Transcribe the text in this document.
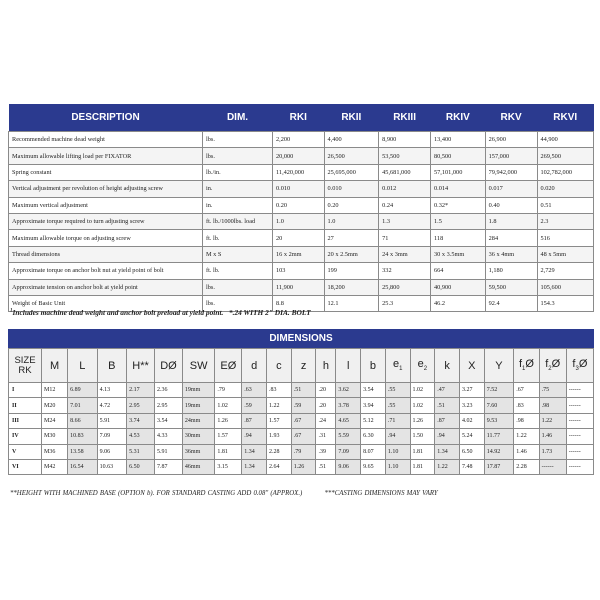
DESCRIPTION	DIM.	RKI	RKII	RKIII	RKIV	RKV	RKVI
Recommended machine dead weight	lbs.	2,200	4,400	8,900	13,400	26,900	44,900
Maximum allowable lifting load per FIXATOR	lbs.	20,000	26,500	53,500	80,500	157,000	269,500
Spring constant	lb./in.	11,420,000	25,695,000	45,681,000	57,101,000	79,942,000	102,782,000
Vertical adjustment per revolution of height adjusting screw	in.	0.010	0.010	0.012	0.014	0.017	0.020
Maximum vertical adjustment	in.	0.20	0.20	0.24	0.32*	0.40	0.51
Approximate torque required to turn adjusting screw	ft. lb./1000lbs. load	1.0	1.0	1.3	1.5	1.8	2.3
Maximum allowable torque on adjusting screw	ft. lb.	20	27	71	118	284	516
Thread dimensions	M x S	16 x 2mm	20 x 2.5mm	24 x 3mm	30 x 3.5mm	36 x 4mm	48 x 5mm
Approximate torque on anchor bolt nut at yield point of bolt	ft. lb.	103	199	332	664	1,180	2,729
Approximate tension on anchor bolt at yield point	lbs.	11,900	18,200	25,800	40,900	59,500	105,600
Weight of Basic Unit	lbs.	8.8	12.1	25.3	46.2	92.4	154.3
$^1$Includes machine dead weight and anchor bolt preload at yield point. *.24 WITH 2" DIA. BOLT
DIMENSIONS
SIZE
RK	M	L	B	H**	DØ	SW	EØ	d	c	z	h	l	b	$e_1$	$e_2$	k	X	Y	$f_1Ø$	$f_2Ø$	$f_3Ø$
I	M12	6.89	4.13	2.17	2.36	19mm	.79	.63	.83	.51	.20	3.62	3.54	.55	1.02	.47	3.27	7.52	.67	.75	------
II	M20	7.01	4.72	2.95	2.95	19mm	1.02	.59	1.22	.59	.20	3.78	3.94	.55	1.02	.51	3.23	7.60	.83	.98	------
III	M24	8.66	5.91	3.74	3.54	24mm	1.26	.87	1.57	.67	.24	4.65	5.12	.71	1.26	.87	4.02	9.53	.98	1.22	------
IV	M30	10.83	7.09	4.53	4.33	30mm	1.57	.94	1.93	.67	.31	5.59	6.30	.94	1.50	.94	5.24	11.77	1.22	1.46	------
V	M36	13.58	9.06	5.31	5.91	36mm	1.81	1.34	2.28	.79	.39	7.09	8.07	1.10	1.81	1.34	6.50	14.92	1.46	1.73	------
VI	M42	16.54	10.63	6.50	7.87	46mm	3.15	1.34	2.64	1.26	.51	9.06	9.65	1.10	1.81	1.22	7.48	17.87	2.28	------	------
**HEIGHT WITH MACHINED BASE (OPTION b). FOR STANDARD CASTING ADD 0.08" (APPROX.)	***CASTING DIMENSIONS MAY VARY
